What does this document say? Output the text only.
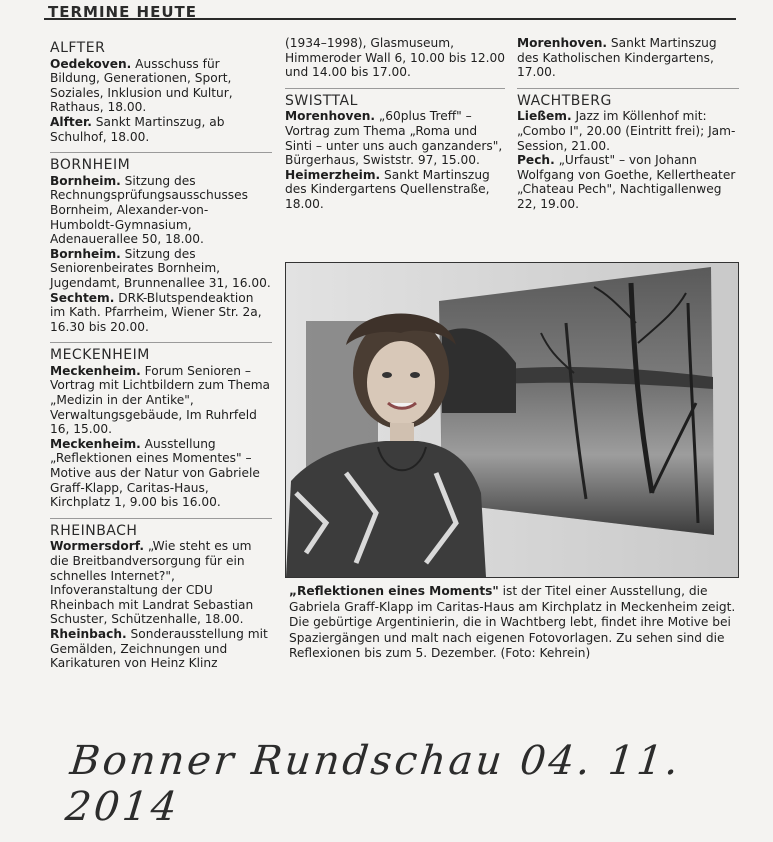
TERMINE HEUTE
ALFTER

Oedekoven. Ausschuss für Bildung, Generationen, Sport, Soziales, Inklusion und Kultur, Rathaus, 18.00.

Alfter. Sankt Martinszug, ab Schulhof, 18.00.

BORNHEIM

Bornheim. Sitzung des Rechnungsprüfungsausschusses Bornheim, Alexander-von-Humboldt-Gymnasium, Adenauerallee 50, 18.00.

Bornheim. Sitzung des Seniorenbeirates Bornheim, Jugendamt, Brunnenallee 31, 16.00.

Sechtem. DRK-Blutspendeaktion im Kath. Pfarrheim, Wiener Str. 2a, 16.30 bis 20.00.

MECKENHEIM

Meckenheim. Forum Senioren – Vortrag mit Lichtbildern zum Thema „Medizin in der Antike", Verwaltungsgebäude, Im Ruhrfeld 16, 15.00.

Meckenheim. Ausstellung „Reflektionen eines Momentes" – Motive aus der Natur von Gabriele Graff-Klapp, Caritas-Haus, Kirchplatz 1, 9.00 bis 16.00.

RHEINBACH

Wormersdorf. „Wie steht es um die Breitbandversorgung für ein schnelles Internet?", Infoveranstaltung der CDU Rheinbach mit Landrat Sebastian Schuster, Schützenhalle, 18.00.

Rheinbach. Sonderausstellung mit Gemälden, Zeichnungen und Karikaturen von Heinz Klinz

(1934–1998), Glasmuseum, Himmeroder Wall 6, 10.00 bis 12.00 und 14.00 bis 17.00.

SWISTTAL

Morenhoven. „60plus Treff" – Vortrag zum Thema „Roma und Sinti – unter uns auch ganzanders", Bürgerhaus, Swiststr. 97, 15.00.

Heimerzheim. Sankt Martinszug des Kindergartens Quellenstraße, 18.00.

Morenhoven. Sankt Martinszug des Katholischen Kindergartens, 17.00.

WACHTBERG

Ließem. Jazz im Köllenhof mit: „Combo I", 20.00 (Eintritt frei); Jam-Session, 21.00.

Pech. „Urfaust" – von Johann Wolfgang von Goethe, Kellertheater „Chateau Pech", Nachtigallenweg 22, 19.00.

„Reflektionen eines Moments" ist der Titel einer Ausstellung, die Gabriela Graff-Klapp im Caritas-Haus am Kirchplatz in Meckenheim zeigt. Die gebürtige Argentinierin, die in Wachtberg lebt, findet ihre Motive bei Spaziergängen und malt nach eigenen Fotovorlagen. Zu sehen sind die Reflexionen bis zum 5. Dezember. (Foto: Kehrein)
Bonner Rundschau 04. 11. 2014
